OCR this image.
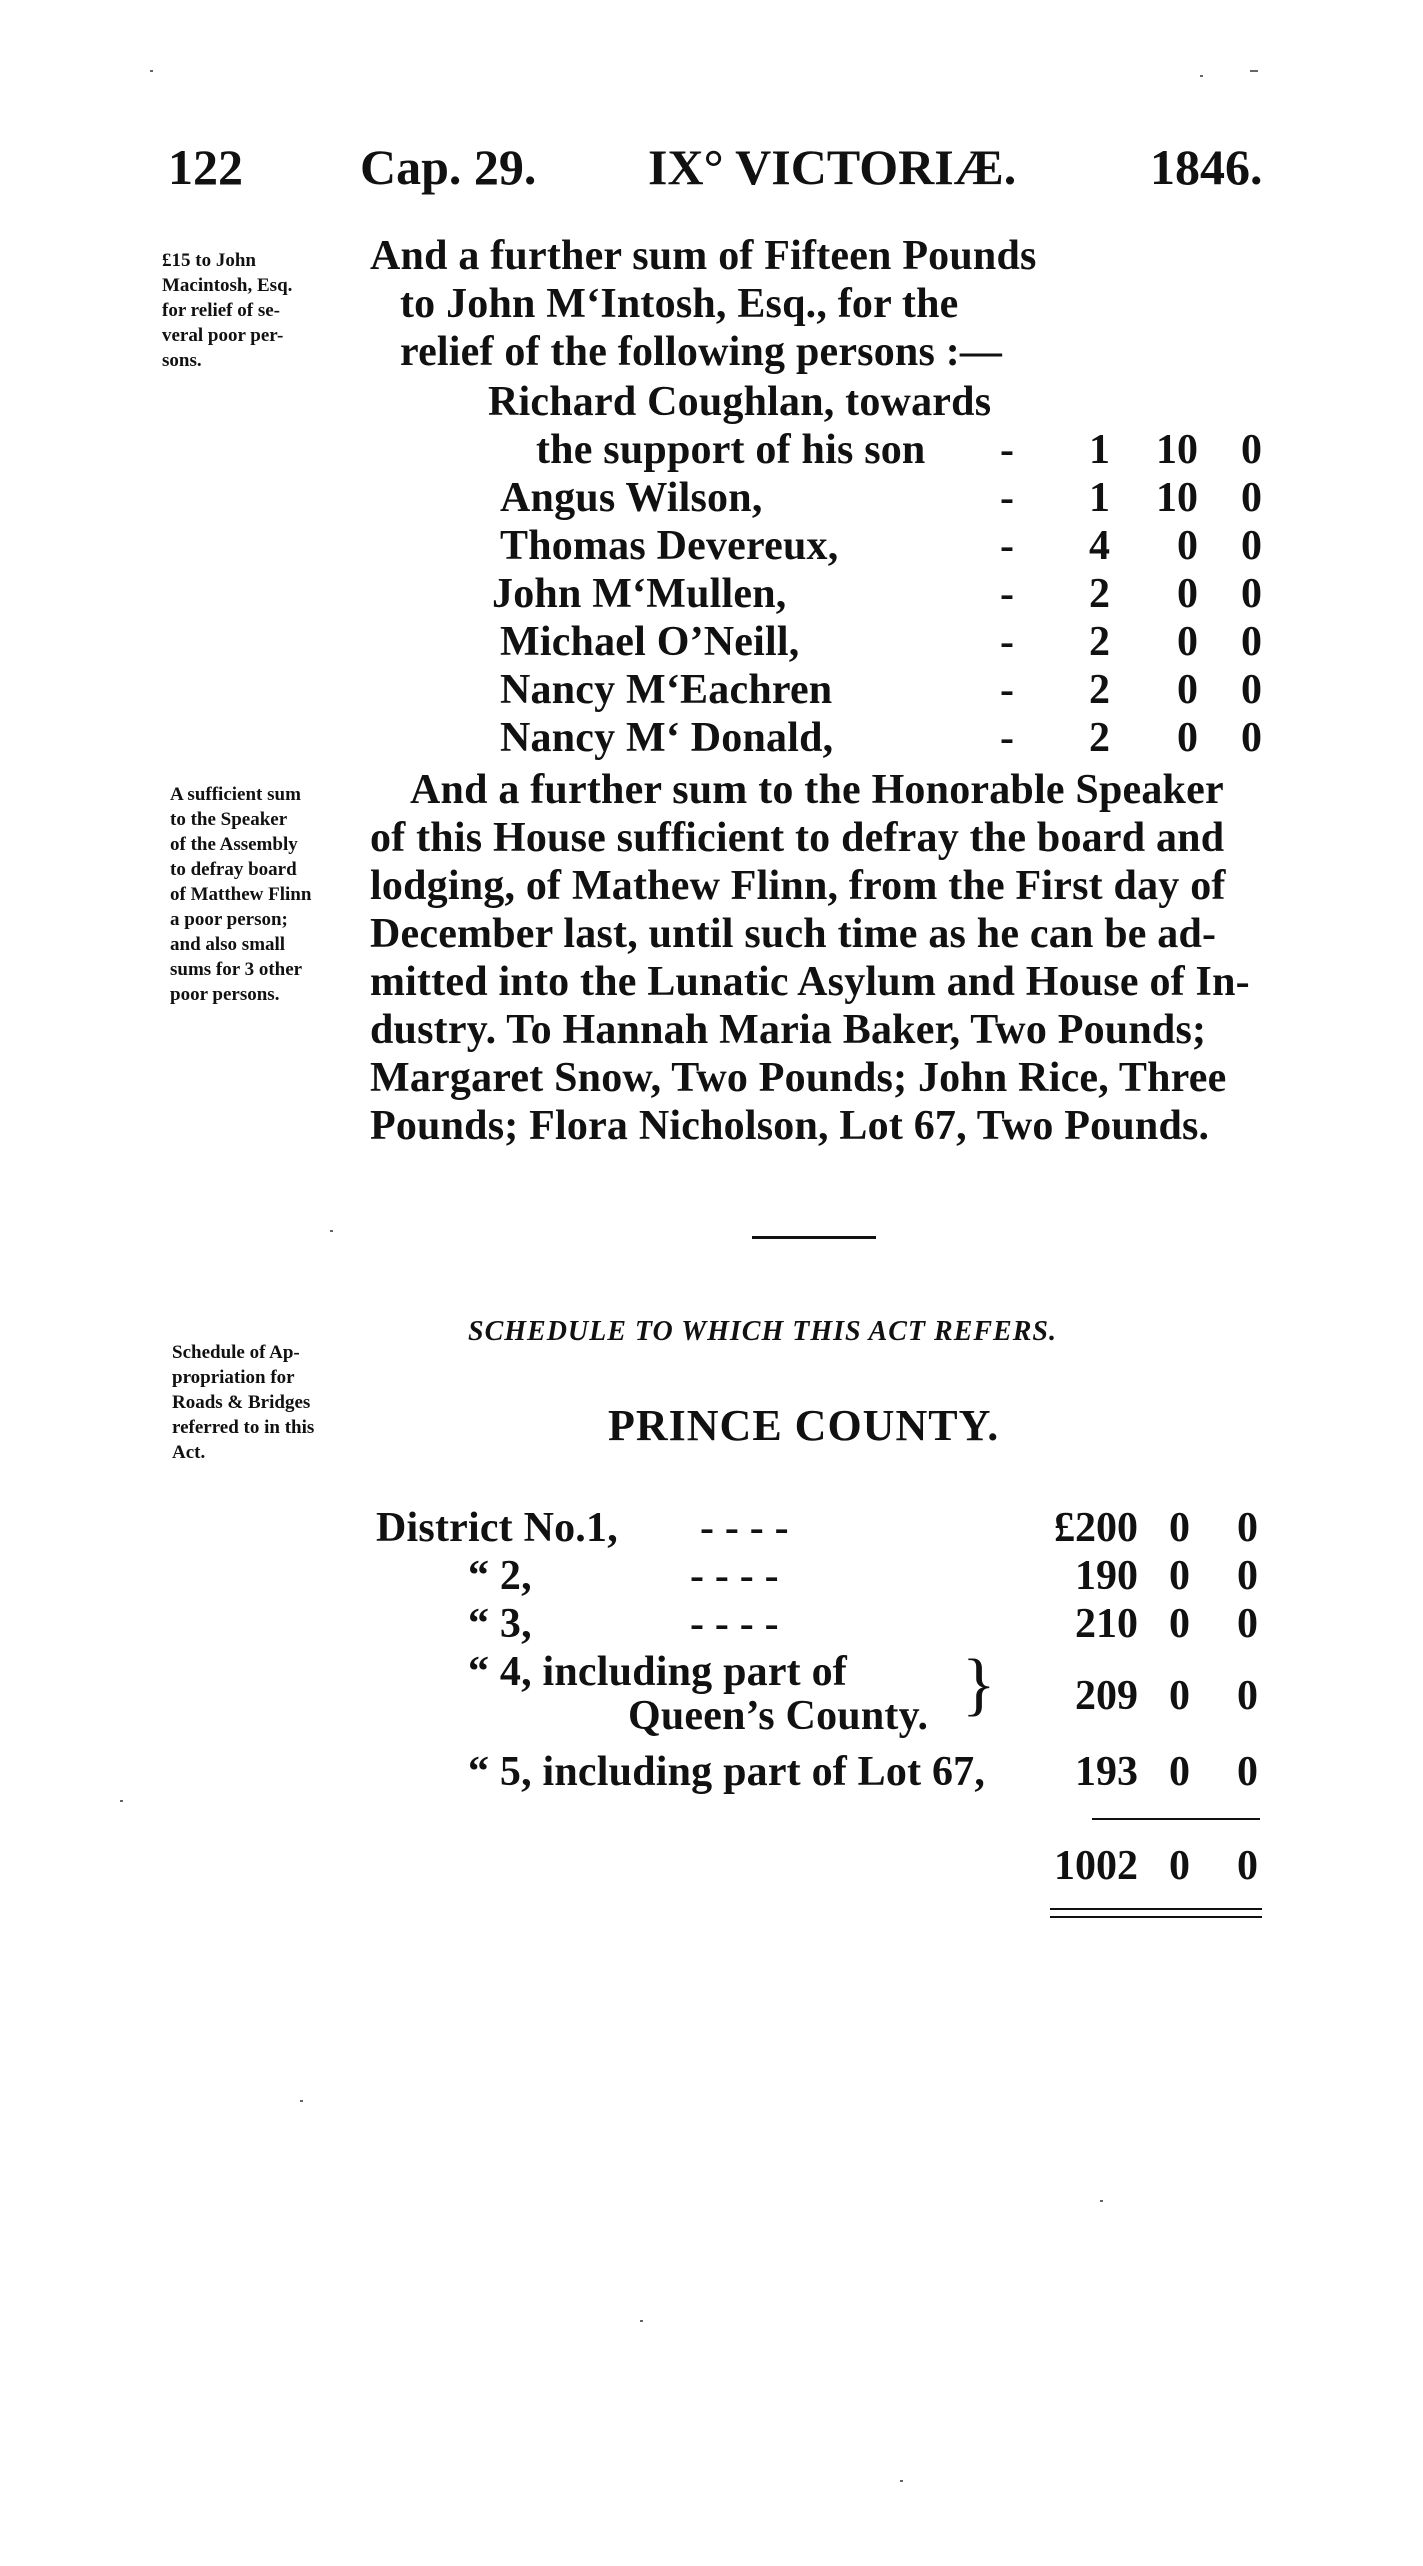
122 Cap. 29. IX° VICTORIÆ.	1846.
£15 to John
Macintosh, Esq.
for relief of se-
veral poor per-
sons.
A sufficient sum
to the Speaker
of the Assembly
to defray board
of Matthew Flinn
a poor person;
and also small
sums for 3 other
poor persons.
Schedule of Ap-
propriation for
Roads & Bridges
referred to in this
Act.
And a further sum of Fifteen Pounds
to John M‘Intosh, Esq., for the
relief of the following persons :—
Richard Coughlan, towards
the support of his son -	1 10	0
Angus Wilson,	-	1 10	0
Thomas Devereux,	-	4	0	0
John M‘Mullen,	-	2	0	0
Michael O’Neill,	-	2	0	0
Nancy M‘Eachren	-	2	0	0
Nancy M‘ Donald,	-	2	0	0
And a further sum to the Honorable Speaker
of this House sufficient to defray the board and
lodging, of Mathew Flinn, from the First day of
December last, until such time as he can be ad-
mitted into the Lunatic Asylum and House of In-
dustry. To Hannah Maria Baker, Two Pounds;
Margaret Snow, Two Pounds; John Rice, Three
Pounds; Flora Nicholson, Lot 67, Two Pounds.
SCHEDULE TO WHICH THIS ACT REFERS.
PRINCE COUNTY.
District No.1, - - - -	£200 0	0
“ 2,	- - - -	190 0	0
“ 3,	- - - -	210 0	0
“ 4, including part of
Queen’s County. }	209 0	0
“ 5, including part of Lot 67,	193 0	0
1002 0	0
